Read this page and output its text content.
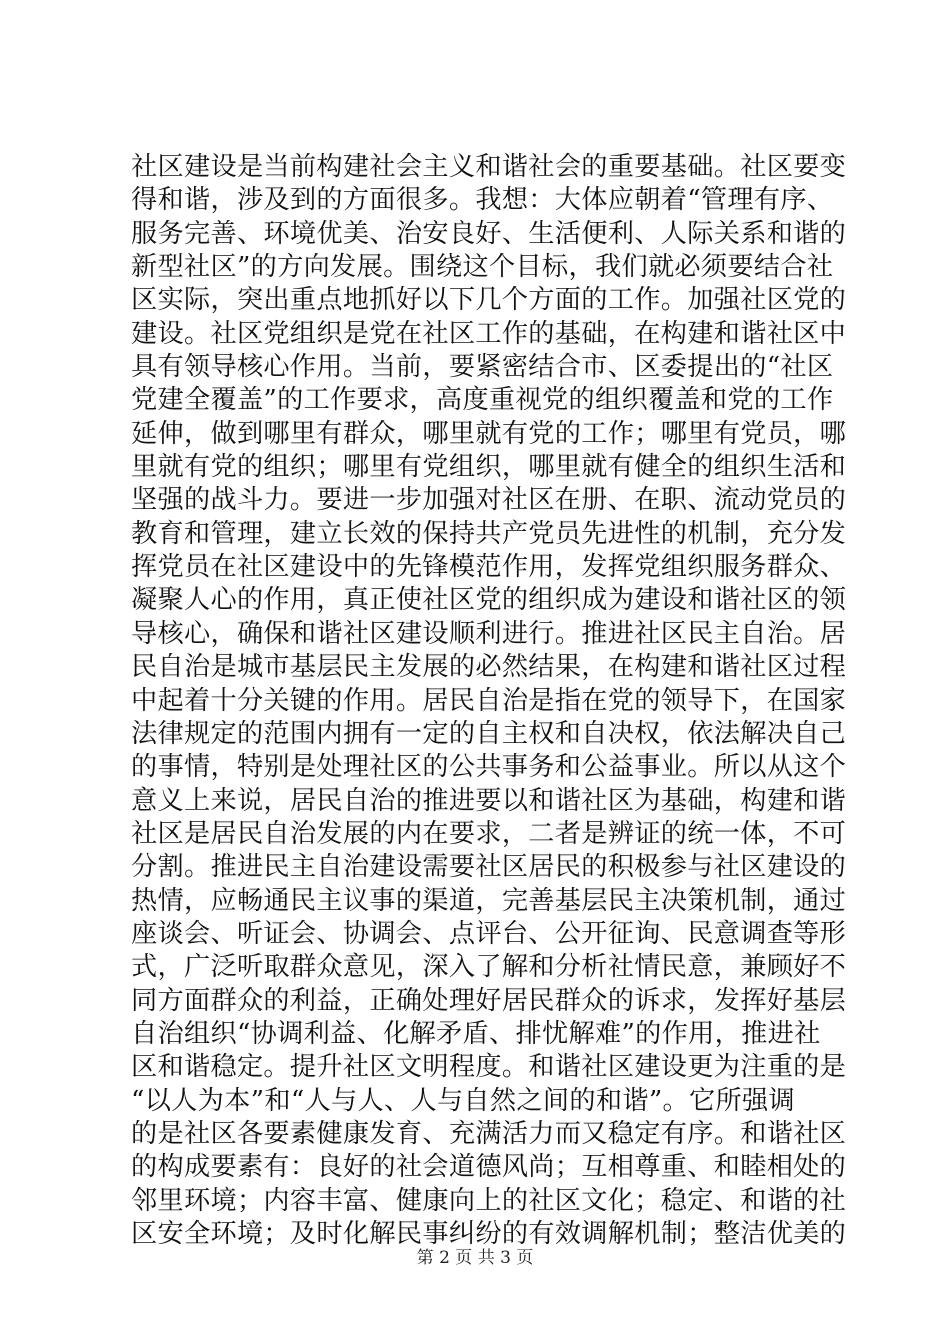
社区建设是当前构建社会主义和谐社会的重要基础。社区要变
得和谐，涉及到的方面很多。我想：大体应朝着“管理有序、
服务完善、环境优美、治安良好、生活便利、人际关系和谐的
新型社区”的方向发展。围绕这个目标，我们就必须要结合社
区实际，突出重点地抓好以下几个方面的工作。加强社区党的
建设。社区党组织是党在社区工作的基础，在构建和谐社区中
具有领导核心作用。当前，要紧密结合市、区委提出的“社区
党建全覆盖”的工作要求，高度重视党的组织覆盖和党的工作
延伸，做到哪里有群众，哪里就有党的工作；哪里有党员，哪
里就有党的组织；哪里有党组织，哪里就有健全的组织生活和
坚强的战斗力。要进一步加强对社区在册、在职、流动党员的
教育和管理，建立长效的保持共产党员先进性的机制，充分发
挥党员在社区建设中的先锋模范作用，发挥党组织服务群众、
凝聚人心的作用，真正使社区党的组织成为建设和谐社区的领
导核心，确保和谐社区建设顺利进行。推进社区民主自治。居
民自治是城市基层民主发展的必然结果，在构建和谐社区过程
中起着十分关键的作用。居民自治是指在党的领导下，在国家
法律规定的范围内拥有一定的自主权和自决权，依法解决自己
的事情，特别是处理社区的公共事务和公益事业。所以从这个
意义上来说，居民自治的推进要以和谐社区为基础，构建和谐
社区是居民自治发展的内在要求，二者是辨证的统一体，不可
分割。推进民主自治建设需要社区居民的积极参与社区建设的
热情，应畅通民主议事的渠道，完善基层民主决策机制，通过
座谈会、听证会、协调会、点评台、公开征询、民意调查等形
式，广泛听取群众意见，深入了解和分析社情民意，兼顾好不
同方面群众的利益，正确处理好居民群众的诉求，发挥好基层
自治组织“协调利益、化解矛盾、排忧解难”的作用，推进社
区和谐稳定。提升社区文明程度。和谐社区建设更为注重的是
“以人为本”和“人与人、人与自然之间的和谐”。它所强调
的是社区各要素健康发育、充满活力而又稳定有序。和谐社区
的构成要素有：良好的社会道德风尚；互相尊重、和睦相处的
邻里环境；内容丰富、健康向上的社区文化；稳定、和谐的社
区安全环境；及时化解民事纠纷的有效调解机制；整洁优美的
第 2 页 共 3 页
